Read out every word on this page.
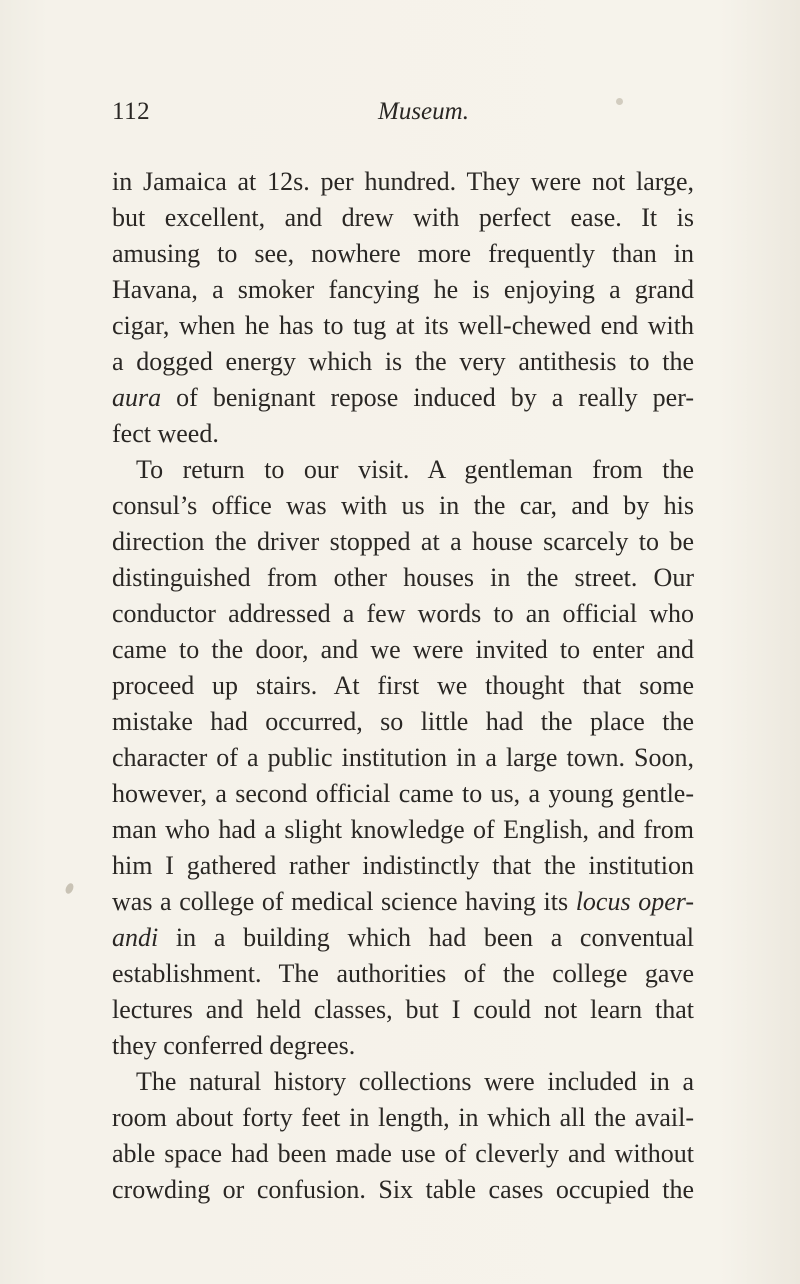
112	Museum.
in Jamaica at 12s. per hundred. They were not large,
but excellent, and drew with perfect ease. It is
amusing to see, nowhere more frequently than in
Havana, a smoker fancying he is enjoying a grand
cigar, when he has to tug at its well-chewed end with
a dogged energy which is the very antithesis to the
aura of benignant repose induced by a really per-
fect weed.
To return to our visit. A gentleman from the
consul’s office was with us in the car, and by his
direction the driver stopped at a house scarcely to be
distinguished from other houses in the street. Our
conductor addressed a few words to an official who
came to the door, and we were invited to enter and
proceed up stairs. At first we thought that some
mistake had occurred, so little had the place the
character of a public institution in a large town. Soon,
however, a second official came to us, a young gentle-
man who had a slight knowledge of English, and from
him I gathered rather indistinctly that the institution
was a college of medical science having its locus oper-
andi in a building which had been a conventual
establishment. The authorities of the college gave
lectures and held classes, but I could not learn that
they conferred degrees.
The natural history collections were included in a
room about forty feet in length, in which all the avail-
able space had been made use of cleverly and without
crowding or confusion. Six table cases occupied the
